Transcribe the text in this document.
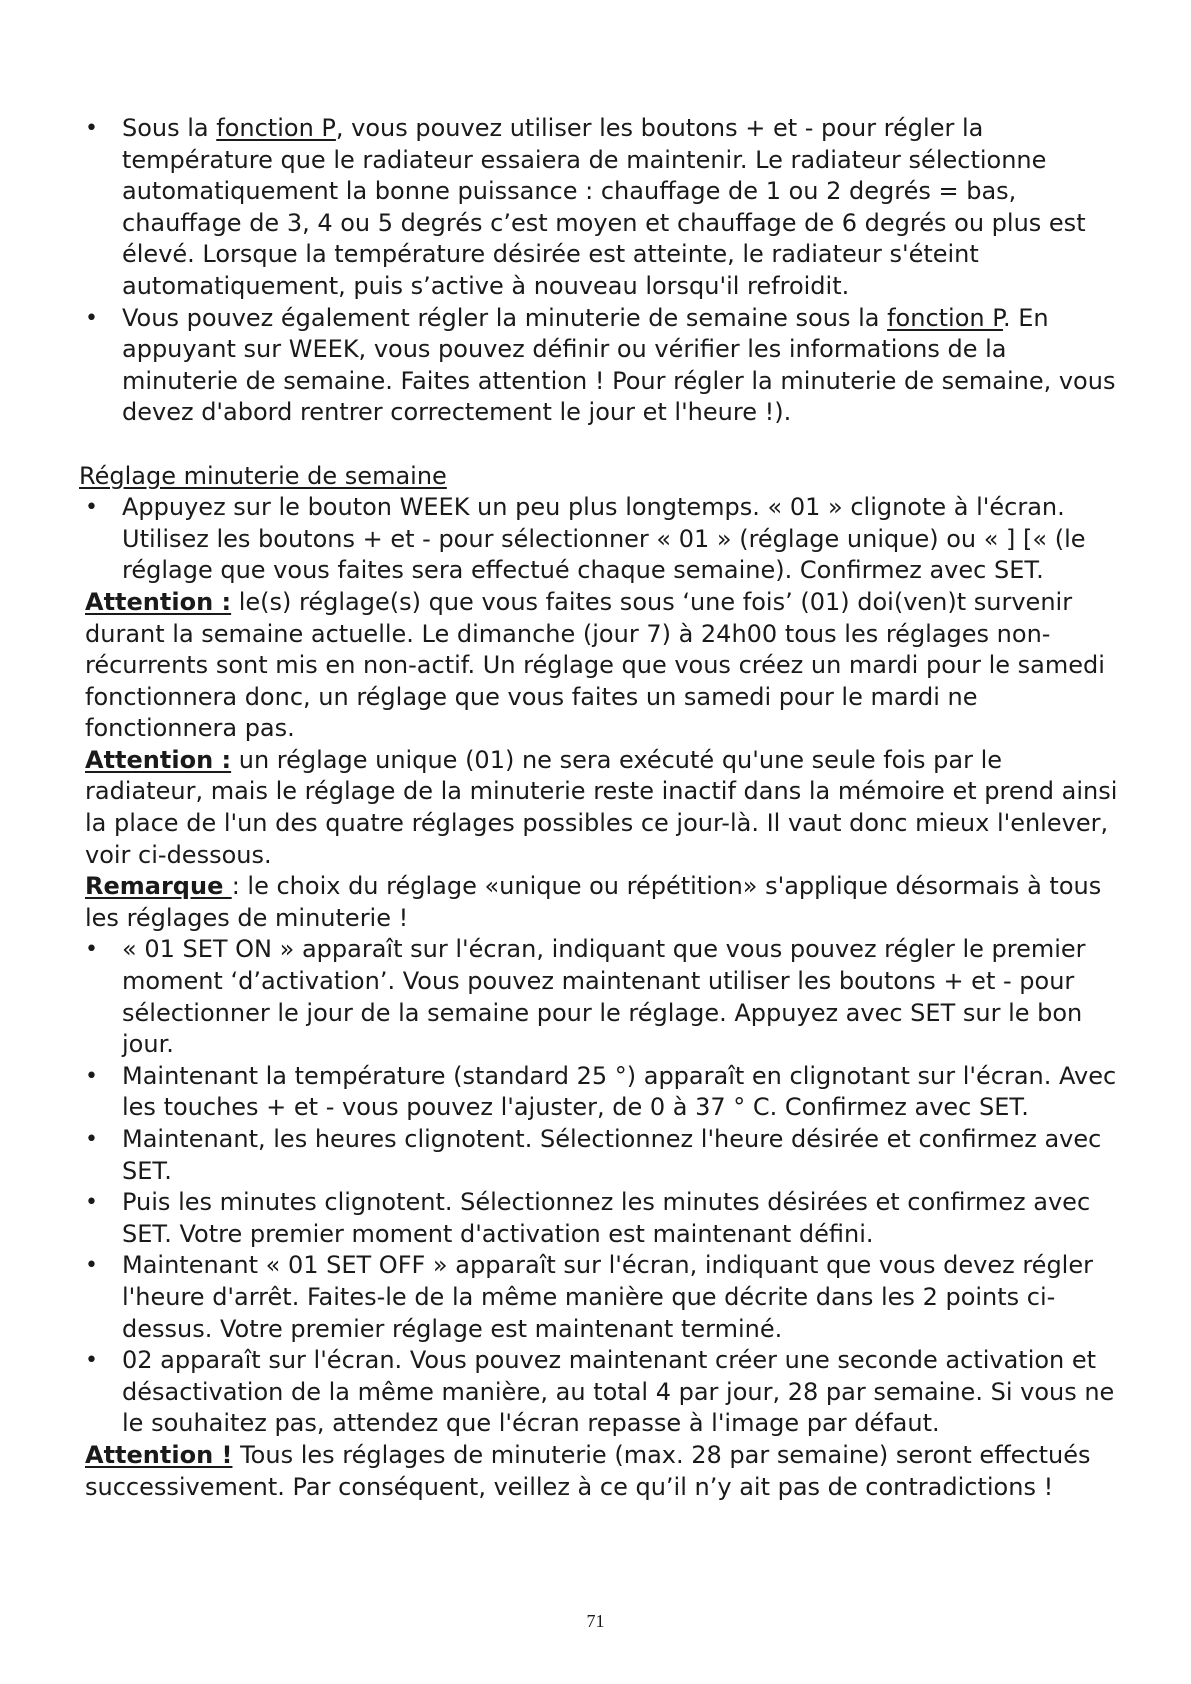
• Sous la fonction P, vous pouvez utiliser les boutons + et - pour régler la température que le radiateur essaiera de maintenir. Le radiateur sélectionne automatiquement la bonne puissance : chauffage de 1 ou 2 degrés = bas, chauffage de 3, 4 ou 5 degrés c’est moyen et chauffage de 6 degrés ou plus est élevé. Lorsque la température désirée est atteinte, le radiateur s'éteint automatiquement, puis s’active à nouveau lorsqu'il refroidit.
• Vous pouvez également régler la minuterie de semaine sous la fonction P. En appuyant sur WEEK, vous pouvez définir ou vérifier les informations de la minuterie de semaine. Faites attention ! Pour régler la minuterie de semaine, vous devez d'abord rentrer correctement le jour et l'heure !).

Réglage minuterie de semaine

• Appuyez sur le bouton WEEK un peu plus longtemps. « 01 » clignote à l'écran. Utilisez les boutons + et - pour sélectionner « 01 » (réglage unique) ou « ] [« (le réglage que vous faites sera effectué chaque semaine). Confirmez avec SET.

Attention : le(s) réglage(s) que vous faites sous ‘une fois’ (01) doi(ven)t survenir durant la semaine actuelle. Le dimanche (jour 7) à 24h00 tous les réglages non-récurrents sont mis en non-actif. Un réglage que vous créez un mardi pour le samedi fonctionnera donc, un réglage que vous faites un samedi pour le mardi ne fonctionnera pas.

Attention : un réglage unique (01) ne sera exécuté qu'une seule fois par le radiateur, mais le réglage de la minuterie reste inactif dans la mémoire et prend ainsi la place de l'un des quatre réglages possibles ce jour-là. Il vaut donc mieux l'enlever, voir ci-dessous.

Remarque : le choix du réglage «unique ou répétition» s'applique désormais à tous les réglages de minuterie !

• « 01 SET ON » apparaît sur l'écran, indiquant que vous pouvez régler le premier moment ‘d’activation’. Vous pouvez maintenant utiliser les boutons + et - pour sélectionner le jour de la semaine pour le réglage. Appuyez avec SET sur le bon jour.
• Maintenant la température (standard 25 °) apparaît en clignotant sur l'écran. Avec les touches + et - vous pouvez l'ajuster, de 0 à 37 ° C. Confirmez avec SET.
• Maintenant, les heures clignotent. Sélectionnez l'heure désirée et confirmez avec SET.
• Puis les minutes clignotent. Sélectionnez les minutes désirées et confirmez avec SET. Votre premier moment d'activation est maintenant défini.
• Maintenant « 01 SET OFF » apparaît sur l'écran, indiquant que vous devez régler l'heure d'arrêt. Faites-le de la même manière que décrite dans les 2 points ci-dessus. Votre premier réglage est maintenant terminé.
• 02 apparaît sur l'écran. Vous pouvez maintenant créer une seconde activation et désactivation de la même manière, au total 4 par jour, 28 par semaine. Si vous ne le souhaitez pas, attendez que l'écran repasse à l'image par défaut.

Attention ! Tous les réglages de minuterie (max. 28 par semaine) seront effectués successivement. Par conséquent, veillez à ce qu’il n’y ait pas de contradictions !

71
